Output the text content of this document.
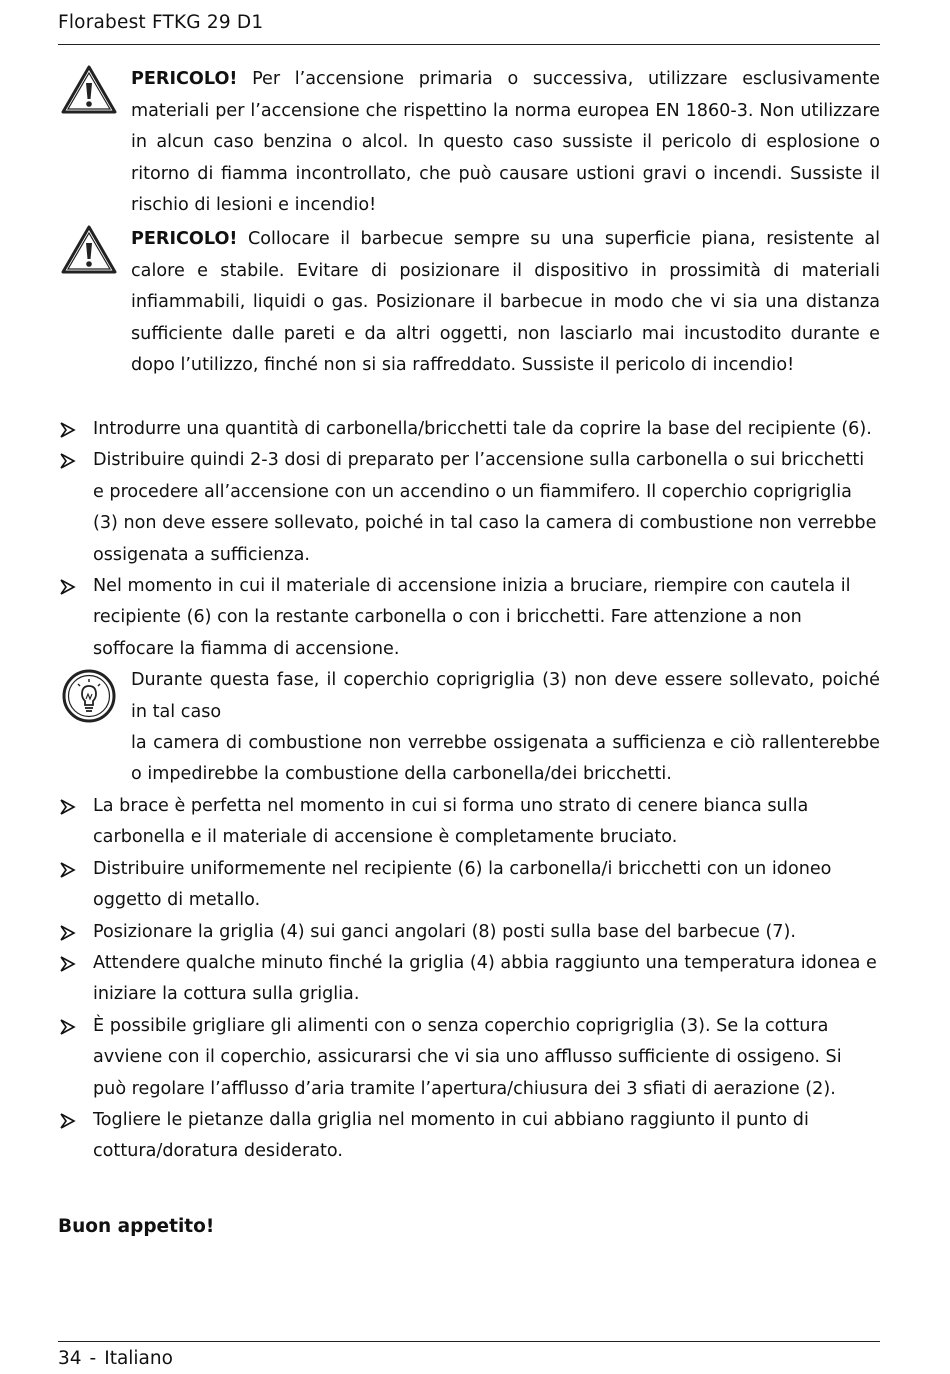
Florabest FTKG 29 D1

PERICOLO! Per l’accensione primaria o successiva, utilizzare esclusivamente materiali per l’accensione che rispettino la norma europea EN 1860-3. Non utilizzare in alcun caso benzina o alcol. In questo caso sussiste il pericolo di esplosione o ritorno di fiamma incontrollato, che può causare ustioni gravi o incendi. Sussiste il rischio di lesioni e incendio!

PERICOLO! Collocare il barbecue sempre su una superficie piana, resistente al calore e stabile. Evitare di posizionare il dispositivo in prossimità di materiali infiammabili, liquidi o gas. Posizionare il barbecue in modo che vi sia una distanza sufficiente dalle pareti e da altri oggetti, non lasciarlo mai incustodito durante e dopo l’utilizzo, finché non si sia raffreddato. Sussiste il pericolo di incendio!

Introdurre una quantità di carbonella/bricchetti tale da coprire la base del recipiente (6).
Distribuire quindi 2-3 dosi di preparato per l’accensione sulla carbonella o sui bricchetti e procedere all’accensione con un accendino o un fiammifero. Il coperchio coprigriglia (3) non deve essere sollevato, poiché in tal caso la camera di combustione non verrebbe ossigenata a sufficienza.
Nel momento in cui il materiale di accensione inizia a bruciare, riempire con cautela il recipiente (6) con la restante carbonella o con i bricchetti. Fare attenzione a non soffocare la fiamma di accensione.

Durante questa fase, il coperchio coprigriglia (3) non deve essere sollevato, poiché in tal caso

la camera di combustione non verrebbe ossigenata a sufficienza e ciò rallenterebbe o impedirebbe la combustione della carbonella/dei bricchetti.

La brace è perfetta nel momento in cui si forma uno strato di cenere bianca sulla carbonella e il materiale di accensione è completamente bruciato.
Distribuire uniformemente nel recipiente (6) la carbonella/i bricchetti con un idoneo oggetto di metallo.
Posizionare la griglia (4) sui ganci angolari (8) posti sulla base del barbecue (7).
Attendere qualche minuto finché la griglia (4) abbia raggiunto una temperatura idonea e iniziare la cottura sulla griglia.
È possibile grigliare gli alimenti con o senza coperchio coprigriglia (3). Se la cottura avviene con il coperchio, assicurarsi che vi sia uno afflusso sufficiente di ossigeno. Si può regolare l’afflusso d’aria tramite l’apertura/chiusura dei 3 sfiati di aerazione (2).
Togliere le pietanze dalla griglia nel momento in cui abbiano raggiunto il punto di cottura/doratura desiderato.
Buon appetito!
34 - Italiano
